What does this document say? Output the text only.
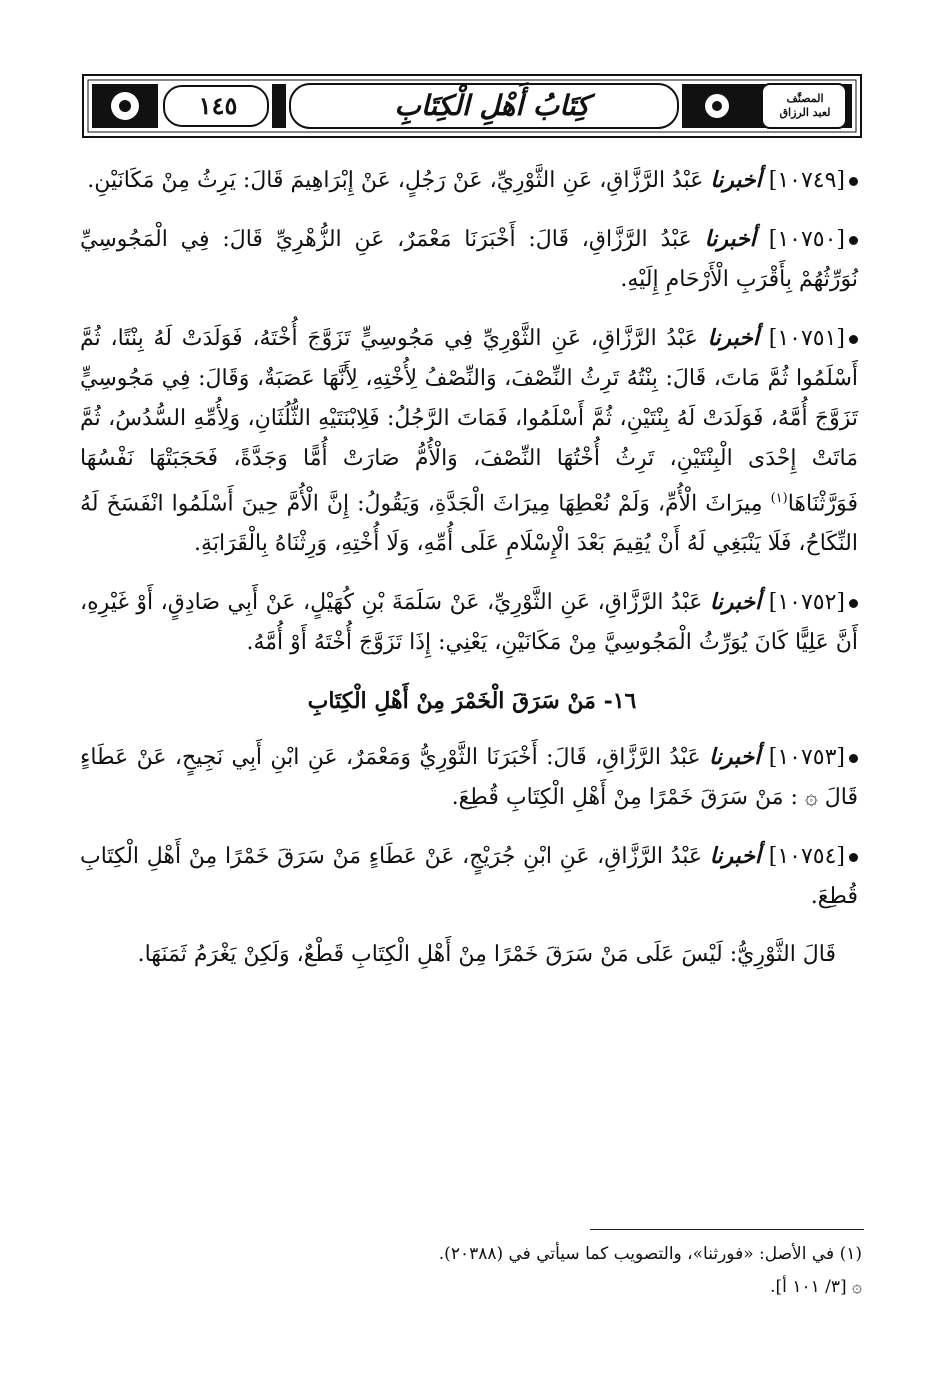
١٤٥	كِتَابُ أَهْلِ الْكِتَابِ	المصنَّف
لعبد الرزاق
[١٠٧٤٩] أخبرنا عَبْدُ الرَّزَّاقِ، عَنِ الثَّوْرِيِّ، عَنْ رَجُلٍ، عَنْ إِبْرَاهِيمَ قَالَ: يَرِثُ مِنْ مَكَانَيْنِ.
[١٠٧٥٠] أخبرنا عَبْدُ الرَّزَّاقِ، قَالَ: أَخْبَرَنَا مَعْمَرٌ، عَنِ الزُّهْرِيِّ قَالَ: فِي الْمَجُوسِيِّ نُوَرِّثُهُمْ بِأَقْرَبِ الْأَرْحَامِ إِلَيْهِ.
[١٠٧٥١] أخبرنا عَبْدُ الرَّزَّاقِ، عَنِ الثَّوْرِيِّ فِي مَجُوسِيٍّ تَزَوَّجَ أُخْتَهُ، فَوَلَدَتْ لَهُ بِنْتًا، ثُمَّ أَسْلَمُوا ثُمَّ مَاتَ، قَالَ: بِنْتُهُ تَرِثُ النِّصْفَ، وَالنِّصْفُ لِأُخْتِهِ، لِأَنَّهَا عَصَبَةٌ، وَقَالَ: فِي مَجُوسِيٍّ تَزَوَّجَ أُمَّهُ، فَوَلَدَتْ لَهُ بِنْتَيْنِ، ثُمَّ أَسْلَمُوا، فَمَاتَ الرَّجُلُ: فَلِابْنَتَيْهِ الثُّلُثَانِ، وَلِأُمِّهِ السُّدُسُ، ثُمَّ مَاتَتْ إِحْدَى الْبِنْتَيْنِ، تَرِثُ أُخْتُهَا النِّصْفَ، وَالْأُمُّ صَارَتْ أُمًّا وَجَدَّةً، فَحَجَبَتْهَا نَفْسُهَا فَوَرَّثْنَاهَا$^{(١)}$ مِيرَاثَ الْأُمِّ، وَلَمْ نُعْطِهَا مِيرَاثَ الْجَدَّةِ، وَيَقُولُ: إِنَّ الْأُمَّ حِينَ أَسْلَمُوا انْفَسَخَ لَهُ النِّكَاحُ، فَلَا يَنْبَغِي لَهُ أَنْ يُقِيمَ بَعْدَ الْإِسْلَامِ عَلَى أُمِّهِ، وَلَا أُخْتِهِ، وَرِثْنَاهُ بِالْقَرَابَةِ.
[١٠٧٥٢] أخبرنا عَبْدُ الرَّزَّاقِ، عَنِ الثَّوْرِيِّ، عَنْ سَلَمَةَ بْنِ كُهَيْلٍ، عَنْ أَبِي صَادِقٍ، أَوْ غَيْرِهِ، أَنَّ عَلِيًّا كَانَ يُوَرِّثُ الْمَجُوسِيَّ مِنْ مَكَانَيْنِ، يَعْنِي: إِذَا تَزَوَّجَ أُخْتَهُ أَوْ أُمَّهُ.
١٦- مَنْ سَرَقَ الْخَمْرَ مِنْ أَهْلِ الْكِتَابِ
[١٠٧٥٣] أخبرنا عَبْدُ الرَّزَّاقِ، قَالَ: أَخْبَرَنَا الثَّوْرِيُّ وَمَعْمَرٌ، عَنِ ابْنِ أَبِي نَجِيحٍ، عَنْ عَطَاءٍ قَالَ ۞ : مَنْ سَرَقَ خَمْرًا مِنْ أَهْلِ الْكِتَابِ قُطِعَ.
[١٠٧٥٤] أخبرنا عَبْدُ الرَّزَّاقِ، عَنِ ابْنِ جُرَيْجٍ، عَنْ عَطَاءٍ مَنْ سَرَقَ خَمْرًا مِنْ أَهْلِ الْكِتَابِ قُطِعَ.
قَالَ الثَّوْرِيُّ: لَيْسَ عَلَى مَنْ سَرَقَ خَمْرًا مِنْ أَهْلِ الْكِتَابِ قَطْعٌ، وَلَكِنْ يَغْرَمُ ثَمَنَهَا.
(١) في الأصل: «فورثنا»، والتصويب كما سيأتي في (٢٠٣٨٨).
۞ [٣/ ١٠١ أ].
